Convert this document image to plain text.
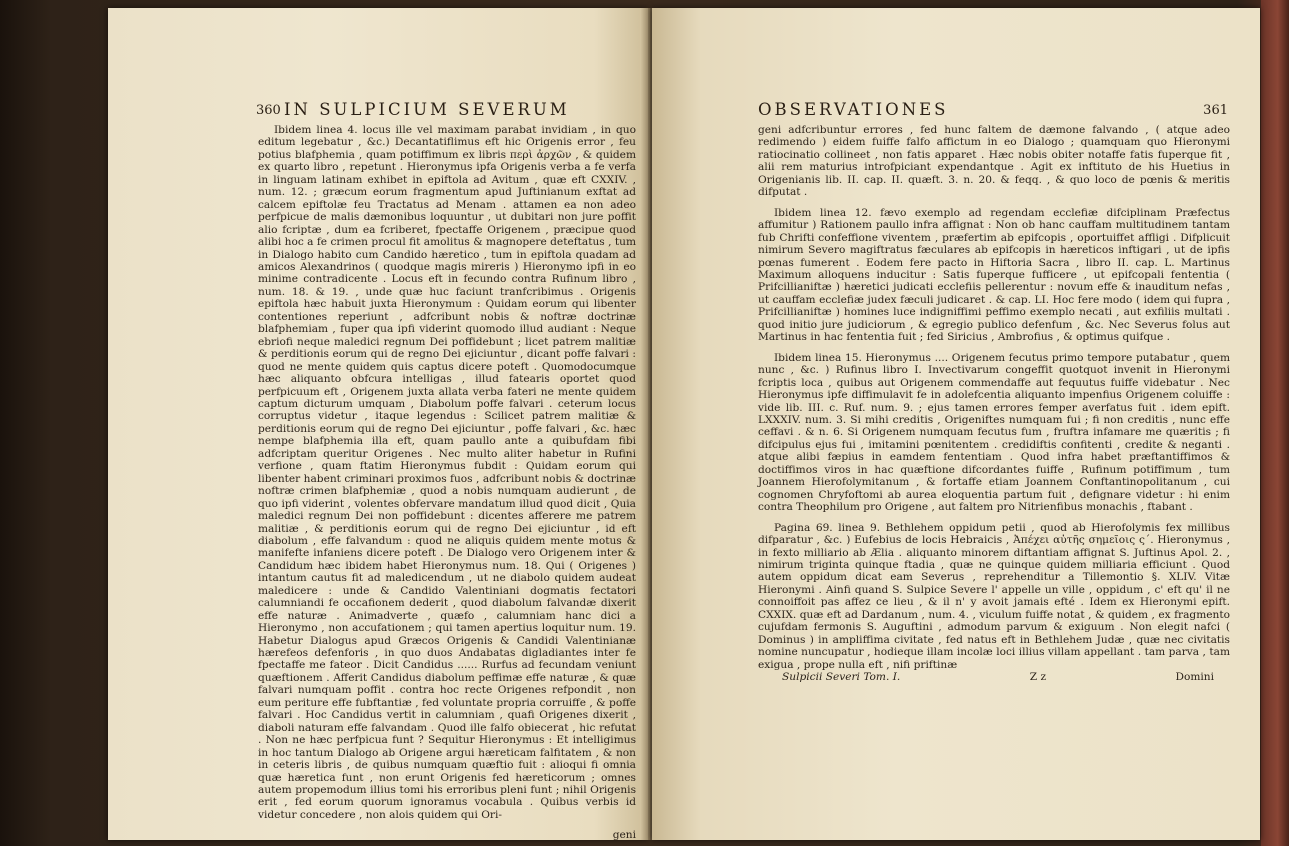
360 IN SULPICIUM SEVERUM

Ibidem linea 4. locus ille vel maximam parabat invidiam , in quo editum legebatur , &c.) Decantatiflimus eft hic Origenis error , feu potius blafphemia , quam potiffimum ex libris περὶ ἀρχῶν , & quidem ex quarto libro , repetunt . Hieronymus ipfa Origenis verba a fe verfa in linguam latinam exhibet in epiftola ad Avitum , quæ eft CXXIV. , num. 12. ; græcum eorum fragmentum apud Juftinianum exftat ad calcem epiftolæ feu Tractatus ad Menam . attamen ea non adeo perfpicue de malis dæmonibus loquuntur , ut dubitari non jure poffit alio fcriptæ , dum ea fcriberet, fpectaffe Origenem , præcipue quod alibi hoc a fe crimen procul fit amolitus & magnopere deteftatus , tum in Dialogo habito cum Candido hæretico , tum in epiftola quadam ad amicos Alexandrinos ( quodque magis mireris ) Hieronymo ipfi in eo minime contradicente . Locus eft in fecundo contra Rufinum libro , num. 18. & 19. , unde quæ huc faciunt tranfcribimus . Origenis epiftola hæc habuit juxta Hieronymum : Quidam eorum qui libenter contentiones reperiunt , adfcribunt nobis & noftræ doctrinæ blafphemiam , fuper qua ipfi viderint quomodo illud audiant : Neque ebriofi neque maledici regnum Dei poffidebunt ; licet patrem malitiæ & perditionis eorum qui de regno Dei ejiciuntur , dicant poffe falvari : quod ne mente quidem quis captus dicere poteft . Quomodocumque hæc aliquanto obfcura intelligas , illud fatearis oportet quod perfpicuum eft , Origenem juxta allata verba fateri ne mente quidem captum dicturum umquam , Diabolum poffe falvari . ceterum locus corruptus videtur , itaque legendus : Scilicet patrem malitiæ & perditionis eorum qui de regno Dei ejiciuntur , poffe falvari , &c. hæc nempe blafphemia illa eft, quam paullo ante a quibufdam fibi adfcriptam queritur Origenes . Nec multo aliter habetur in Rufini verfione , quam ftatim Hieronymus fubdit : Quidam eorum qui libenter habent criminari proximos fuos , adfcribunt nobis & doctrinæ noftræ crimen blafphemiæ , quod a nobis numquam audierunt , de quo ipfi viderint , volentes obfervare mandatum illud quod dicit , Quia maledici regnum Dei non poffidebunt : dicentes afferere me patrem malitiæ , & perditionis eorum qui de regno Dei ejiciuntur , id eft diabolum , effe falvandum : quod ne aliquis quidem mente motus & manifefte infaniens dicere poteft . De Dialogo vero Origenem inter & Candidum hæc ibidem habet Hieronymus num. 18. Qui ( Origenes ) intantum cautus fit ad maledicendum , ut ne diabolo quidem audeat maledicere : unde & Candido Valentiniani dogmatis fectatori calumniandi fe occafionem dederit , quod diabolum falvandæ dixerit effe naturæ . Animadverte , quæfo , calumniam hanc dici a Hieronymo , non accufationem ; qui tamen apertius loquitur num. 19. Habetur Dialogus apud Græcos Origenis & Candidi Valentinianæ hærefeos defenforis , in quo duos Andabatas digladiantes inter fe fpectaffe me fateor . Dicit Candidus ...... Rurfus ad fecundam veniunt quæftionem . Afferit Candidus diabolum peffimæ effe naturæ , & quæ falvari numquam poffit . contra hoc recte Origenes refpondit , non eum periture effe fubftantiæ , fed voluntate propria corruiffe , & poffe falvari . Hoc Candidus vertit in calumniam , quafi Origenes dixerit , diaboli naturam effe falvandam . Quod ille falfo obiecerat , hic refutat . Non ne hæc perfpicua funt ? Sequitur Hieronymus : Et intelligimus in hoc tantum Dialogo ab Origene argui hæreticam falfitatem , & non in ceteris libris , de quibus numquam quæftio fuit : alioqui fi omnia quæ hæretica funt , non erunt Origenis fed hæreticorum ; omnes autem propemodum illius tomi his erroribus pleni funt ; nihil Origenis erit , fed eorum quorum ignoramus vocabula . Quibus verbis id videtur concedere , non alois quidem qui Ori-

geni

OBSERVATIONES	361

geni adfcribuntur errores , fed hunc faltem de dæmone falvando , ( atque adeo redimendo ) eidem fuiffe falfo affictum in eo Dialogo ; quamquam quo Hieronymi ratiocinatio collineet , non fatis apparet . Hæc nobis obiter notaffe fatis fuperque fit , alii rem maturius introfpiciant expendantque . Agit ex inftituto de his Huetius in Origenianis lib. II. cap. II. quæft. 3. n. 20. & feqq. , & quo loco de pœnis & meritis difputat .

Ibidem linea 12. fævo exemplo ad regendam ecclefiæ difciplinam Præfectus affumitur ) Rationem paullo infra affignat : Non ob hanc cauffam multitudinem tantam fub Chrifti confeffione viventem , præfertim ab epifcopis , oportuiffet affligi . Difplicuit nimirum Severo magiftratus fæculares ab epifcopis in hæreticos inftigari , ut de ipfis pœnas fumerent . Eodem fere pacto in Hiftoria Sacra , libro II. cap. L. Martinus Maximum alloquens inducitur : Satis fuperque fufficere , ut epifcopali fententia ( Prifcillianiftæ ) hæretici judicati ecclefiis pellerentur : novum effe & inauditum nefas , ut cauffam ecclefiæ judex fæculi judicaret . & cap. LI. Hoc fere modo ( idem qui fupra , Prifcillianiftæ ) homines luce indigniffimi peffimo exemplo necati , aut exfiliis multati . quod initio jure judiciorum , & egregio publico defenfum , &c. Nec Severus folus aut Martinus in hac fententia fuit ; fed Siricius , Ambrofius , & optimus quifque .

Ibidem linea 15. Hieronymus .... Origenem fecutus primo tempore putabatur , quem nunc , &c. ) Rufinus libro I. Invectivarum congeffit quotquot invenit in Hieronymi fcriptis loca , quibus aut Origenem commendaffe aut fequutus fuiffe videbatur . Nec Hieronymus ipfe diffimulavit fe in adolefcentia aliquanto impenfius Origenem coluiffe : vide lib. III. c. Ruf. num. 9. ; ejus tamen errores femper averfatus fuit . idem epift. LXXXIV. num. 3. Si mihi creditis , Origeniftes numquam fui ; fi non creditis , nunc effe ceffavi . & n. 6. Si Origenem numquam fecutus fum , fruftra infamare me quæritis ; fi difcipulus ejus fui , imitamini pœnitentem . credidiftis confitenti , credite & neganti . atque alibi fæpius in eamdem fententiam . Quod infra habet præftantiffimos & doctiffimos viros in hac quæftione difcordantes fuiffe , Rufinum potiffimum , tum Joannem Hierofolymitanum , & fortaffe etiam Joannem Conftantinopolitanum , cui cognomen Chryfoftomi ab aurea eloquentia partum fuit , defignare videtur : hi enim contra Theophilum pro Origene , aut faltem pro Nitrienfibus monachis , ftabant .

Pagina 69. linea 9. Bethlehem oppidum petii , quod ab Hierofolymis fex millibus difparatur , &c. ) Eufebius de locis Hebraicis , Ἀπέχει αὐτῆς σημεῖοις ς´. Hieronymus , in fexto milliario ab Ælia . aliquanto minorem diftantiam affignat S. Juftinus Apol. 2. , nimirum triginta quinque ftadia , quæ ne quinque quidem milliaria efficiunt . Quod autem oppidum dicat eam Severus , reprehenditur a Tillemontio §. XLIV. Vitæ Hieronymi . Ainfi quand S. Sulpice Severe l' appelle un ville , oppidum , c' eft qu' il ne connoiffoit pas affez ce lieu , & il n' y avoit jamais efté . Idem ex Hieronymi epift. CXXIX. quæ eft ad Dardanum , num. 4. , viculum fuiffe notat , & quidem , ex fragmento cujufdam fermonis S. Auguftini , admodum parvum & exiguum . Non elegit nafci ( Dominus ) in ampliffima civitate , fed natus eft in Bethlehem Judæ , quæ nec civitatis nomine nuncupatur , hodieque illam incolæ loci illius villam appellant . tam parva , tam exigua , prope nulla eft , nifi priftinæ

Sulpicii Severi Tom. I.	Z z	Domini
